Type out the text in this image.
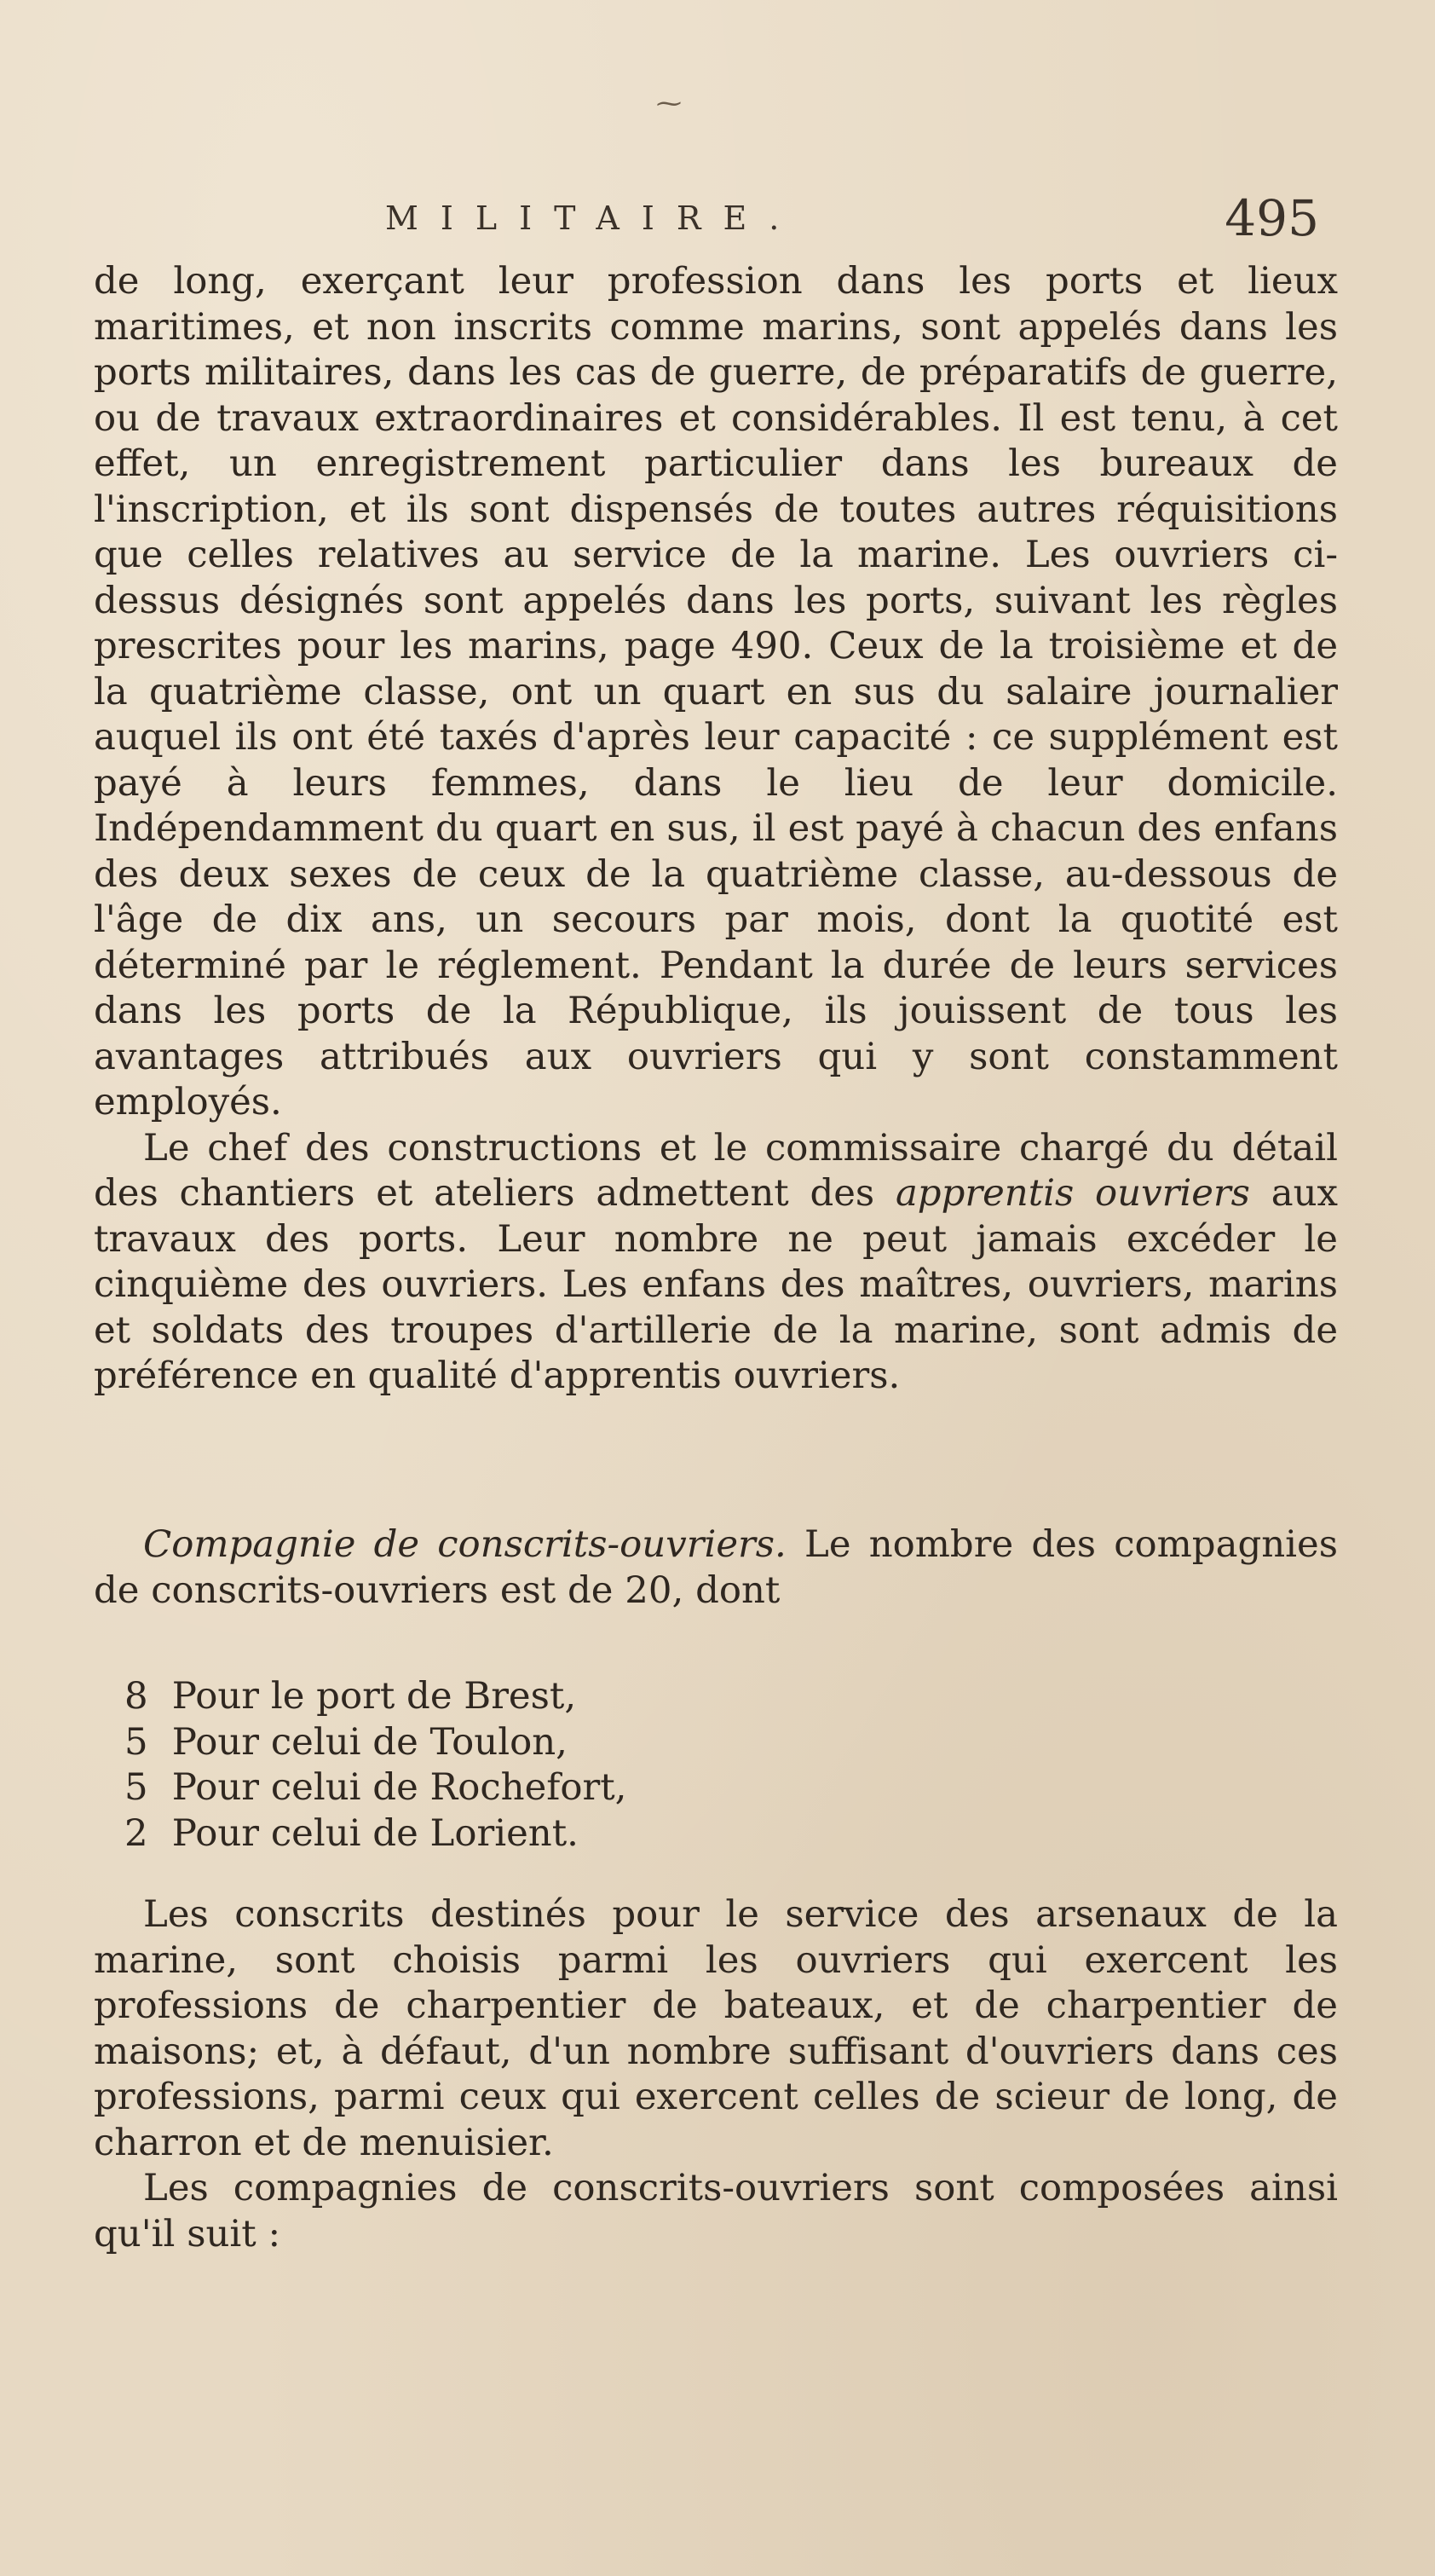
⁓
MILITAIRE.	495

de long, exerçant leur profession dans les ports et lieux maritimes, et non inscrits comme marins, sont appelés dans les ports militaires, dans les cas de guerre, de préparatifs de guerre, ou de travaux extraordinaires et considérables. Il est tenu, à cet effet, un enregistrement particulier dans les bureaux de l'inscription, et ils sont dispensés de toutes autres réquisitions que celles relatives au service de la marine. Les ouvriers ci-dessus désignés sont appelés dans les ports, suivant les règles prescrites pour les marins, page 490. Ceux de la troisième et de la quatrième classe, ont un quart en sus du salaire journalier auquel ils ont été taxés d'après leur capacité : ce supplément est payé à leurs femmes, dans le lieu de leur domicile. Indépendamment du quart en sus, il est payé à chacun des enfans des deux sexes de ceux de la quatrième classe, au-dessous de l'âge de dix ans, un secours par mois, dont la quotité est déterminé par le réglement. Pendant la durée de leurs services dans les ports de la République, ils jouissent de tous les avantages attribués aux ouvriers qui y sont constamment employés.

Le chef des constructions et le commissaire chargé du détail des chantiers et ateliers admettent des apprentis ouvriers aux travaux des ports. Leur nombre ne peut jamais excéder le cinquième des ouvriers. Les enfans des maîtres, ouvriers, marins et soldats des troupes d'artillerie de la marine, sont admis de préférence en qualité d'apprentis ouvriers.

Compagnie de conscrits-ouvriers. Le nombre des compagnies de conscrits-ouvriers est de 20, dont

8 Pour le port de Brest,
5 Pour celui de Toulon,
5 Pour celui de Rochefort,
2 Pour celui de Lorient.

Les conscrits destinés pour le service des arsenaux de la marine, sont choisis parmi les ouvriers qui exercent les professions de charpentier de bateaux, et de charpentier de maisons; et, à défaut, d'un nombre suffisant d'ouvriers dans ces professions, parmi ceux qui exercent celles de scieur de long, de charron et de menuisier.

Les compagnies de conscrits-ouvriers sont composées ainsi qu'il suit :
